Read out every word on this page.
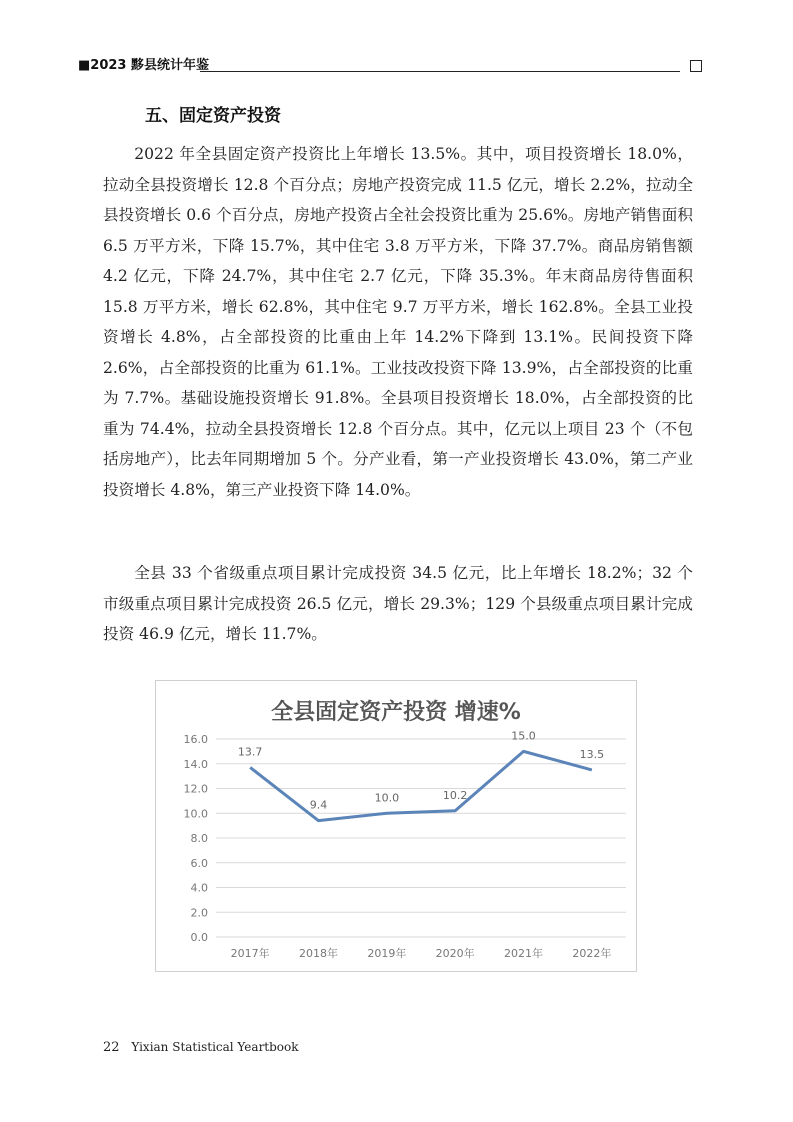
■2023 黟县统计年鉴
五、固定资产投资

2022 年全县固定资产投资比上年增长 13.5%。其中，项目投资增长 18.0%，拉动全县投资增长 12.8 个百分点；房地产投资完成 11.5 亿元，增长 2.2%，拉动全县投资增长 0.6 个百分点，房地产投资占全社会投资比重为 25.6%。房地产销售面积 6.5 万平方米，下降 15.7%，其中住宅 3.8 万平方米，下降 37.7%。商品房销售额 4.2 亿元，下降 24.7%，其中住宅 2.7 亿元，下降 35.3%。年末商品房待售面积 15.8 万平方米，增长 62.8%，其中住宅 9.7 万平方米，增长 162.8%。全县工业投资增长 4.8%，占全部投资的比重由上年 14.2%下降到 13.1%。民间投资下降 2.6%，占全部投资的比重为 61.1%。工业技改投资下降 13.9%，占全部投资的比重为 7.7%。基础设施投资增长 91.8%。全县项目投资增长 18.0%，占全部投资的比重为 74.4%，拉动全县投资增长 12.8 个百分点。其中，亿元以上项目 23 个（不包括房地产），比去年同期增加 5 个。分产业看，第一产业投资增长 43.0%，第二产业投资增长 4.8%，第三产业投资下降 14.0%。

全县 33 个省级重点项目累计完成投资 34.5 亿元，比上年增长 18.2%；32 个市级重点项目累计完成投资 26.5 亿元，增长 29.3%；129 个县级重点项目累计完成投资 46.9 亿元，增长 11.7%。

全县固定资产投资 增速%
0.0
2.0
4.0
6.0
8.0
10.0
12.0
14.0
16.0
2017年	2018年	2019年	2020年	2021年	2022年
13.7
9.4
10.0	10.2
15.0
13.5
22 Yixian Statistical Yeartbook
